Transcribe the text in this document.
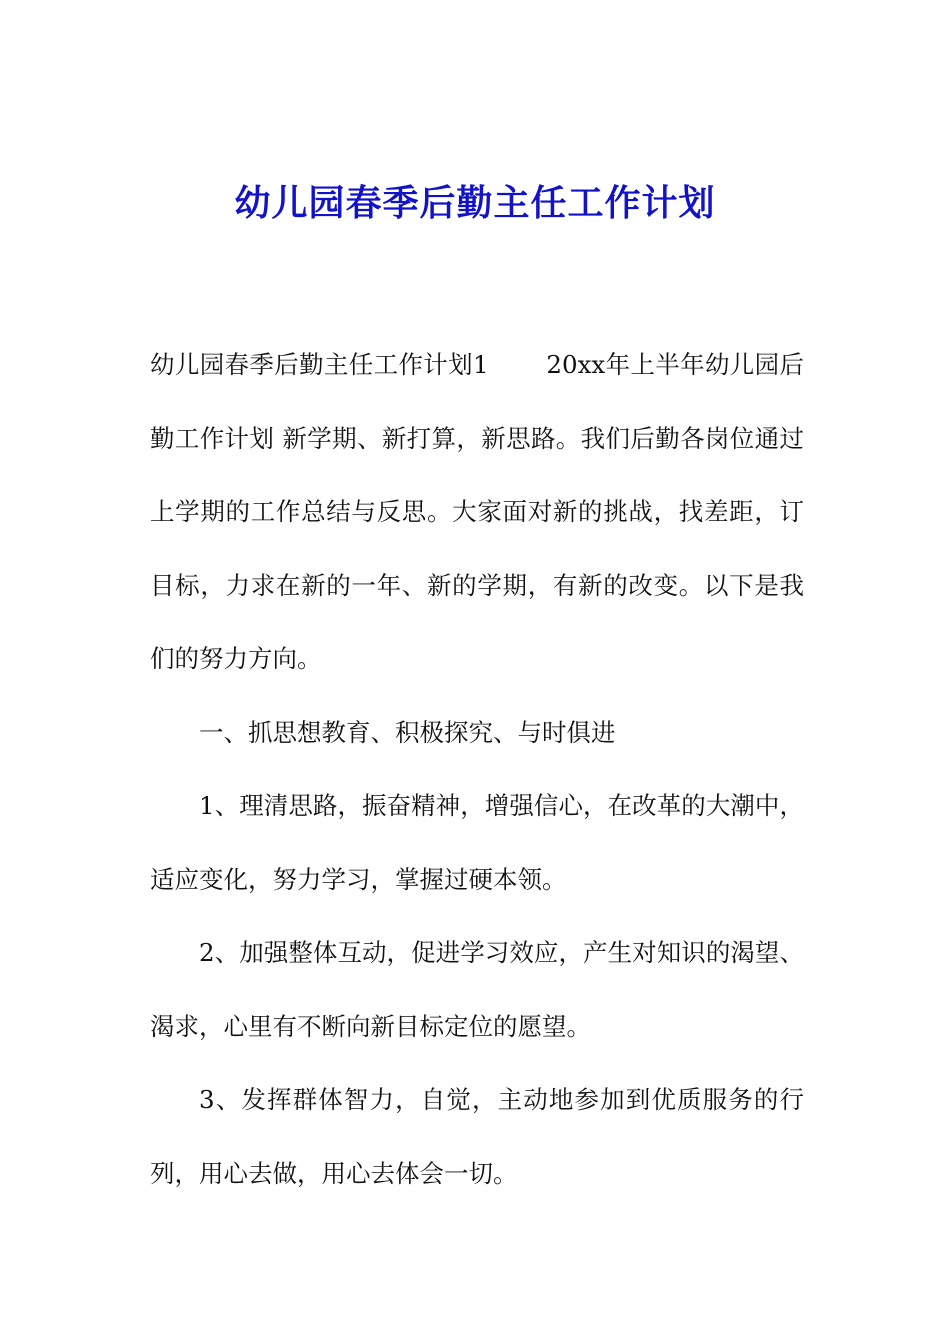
幼儿园春季后勤主任工作计划

幼儿园春季后勤主任工作计划1 　　20xx年上半年幼儿园后勤工作计划 新学期、新打算，新思路。我们后勤各岗位通过上学期的工作总结与反思。大家面对新的挑战，找差距，订目标，力求在新的一年、新的学期，有新的改变。以下是我们的努力方向。

一、抓思想教育、积极探究、与时俱进

1、理清思路，振奋精神，增强信心，在改革的大潮中，适应变化，努力学习，掌握过硬本领。

2、加强整体互动，促进学习效应，产生对知识的渴望、渴求，心里有不断向新目标定位的愿望。

3、发挥群体智力，自觉，主动地参加到优质服务的行列，用心去做，用心去体会一切。
